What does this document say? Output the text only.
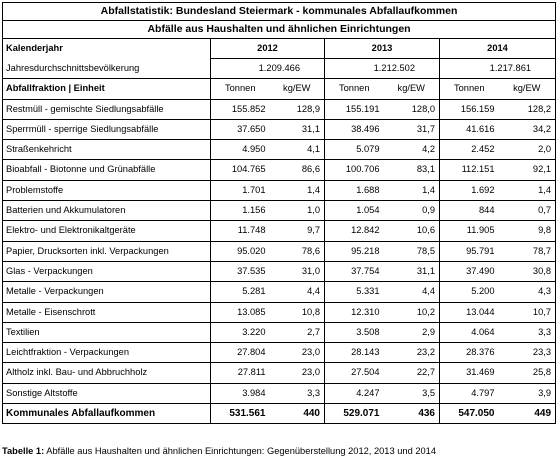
Abfallstatistik: Bundesland Steiermark - kommunales Abfallaufkommen						
Abfälle aus Haushalten und ähnlichen Einrichtungen						
Kalenderjahr	2012		2013		2014	
Jahresdurchschnittsbevölkerung	1.209.466		1.212.502		1.217.861	
Abfallfraktion | Einheit	Tonnen	kg/EW	Tonnen	kg/EW	Tonnen	kg/EW
Restmüll - gemischte Siedlungsabfälle	155.852	128,9	155.191	128,0	156.159	128,2
Sperrmüll - sperrige Siedlungsabfälle	37.650	31,1	38.496	31,7	41.616	34,2
Straßenkehricht	4.950	4,1	5.079	4,2	2.452	2,0
Bioabfall - Biotonne und Grünabfälle	104.765	86,6	100.706	83,1	112.151	92,1
Problemstoffe	1.701	1,4	1.688	1,4	1.692	1,4
Batterien und Akkumulatoren	1.156	1,0	1.054	0,9	844	0,7
Elektro- und Elektronikaltgeräte	11.748	9,7	12.842	10,6	11.905	9,8
Papier, Drucksorten inkl. Verpackungen	95.020	78,6	95.218	78,5	95.791	78,7
Glas - Verpackungen	37.535	31,0	37.754	31,1	37.490	30,8
Metalle - Verpackungen	5.281	4,4	5.331	4,4	5.200	4,3
Metalle - Eisenschrott	13.085	10,8	12.310	10,2	13.044	10,7
Textilien	3.220	2,7	3.508	2,9	4.064	3,3
Leichtfraktion - Verpackungen	27.804	23,0	28.143	23,2	28.376	23,3
Altholz inkl. Bau- und Abbruchholz	27.811	23,0	27.504	22,7	31.469	25,8
Sonstige Altstoffe	3.984	3,3	4.247	3,5	4.797	3,9
Kommunales Abfallaufkommen	531.561	440	529.071	436	547.050	449
Tabelle 1: Abfälle aus Haushalten und ähnlichen Einrichtungen: Gegenüberstellung 2012, 2013 und 2014
